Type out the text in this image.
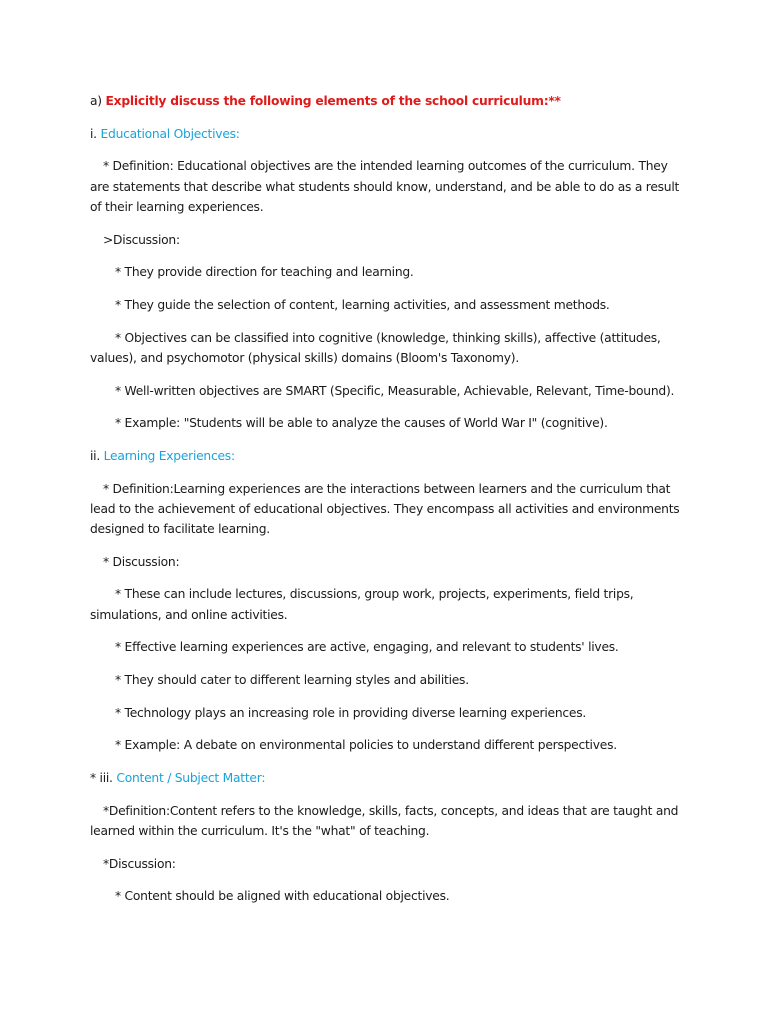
a) Explicitly discuss the following elements of the school curriculum:**

i. Educational Objectives:

* Definition: Educational objectives are the intended learning outcomes of the curriculum. They are statements that describe what students should know, understand, and be able to do as a result of their learning experiences.

>Discussion:

* They provide direction for teaching and learning.

* They guide the selection of content, learning activities, and assessment methods.

* Objectives can be classified into cognitive (knowledge, thinking skills), affective (attitudes, values), and psychomotor (physical skills) domains (Bloom's Taxonomy).

* Well-written objectives are SMART (Specific, Measurable, Achievable, Relevant, Time-bound).

* Example: "Students will be able to analyze the causes of World War I" (cognitive).

ii. Learning Experiences:

* Definition:Learning experiences are the interactions between learners and the curriculum that lead to the achievement of educational objectives. They encompass all activities and environments designed to facilitate learning.

* Discussion:

* These can include lectures, discussions, group work, projects, experiments, field trips, simulations, and online activities.

* Effective learning experiences are active, engaging, and relevant to students' lives.

* They should cater to different learning styles and abilities.

* Technology plays an increasing role in providing diverse learning experiences.

* Example: A debate on environmental policies to understand different perspectives.

* iii. Content / Subject Matter:

*Definition:Content refers to the knowledge, skills, facts, concepts, and ideas that are taught and learned within the curriculum. It's the "what" of teaching.

*Discussion:

* Content should be aligned with educational objectives.
